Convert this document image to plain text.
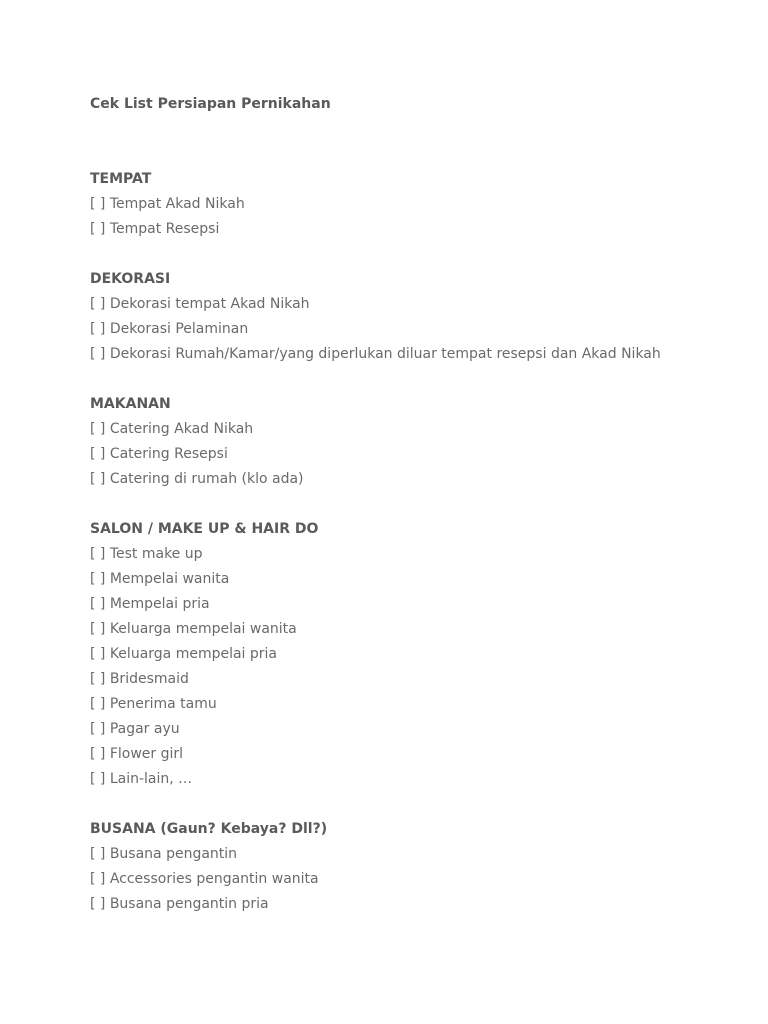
Cek List Persiapan Pernikahan
TEMPAT
[ ] Tempat Akad Nikah
[ ] Tempat Resepsi
DEKORASI
[ ] Dekorasi tempat Akad Nikah
[ ] Dekorasi Pelaminan
[ ] Dekorasi Rumah/Kamar/yang diperlukan diluar tempat resepsi dan Akad Nikah
MAKANAN
[ ] Catering Akad Nikah
[ ] Catering Resepsi
[ ] Catering di rumah (klo ada)
SALON / MAKE UP & HAIR DO
[ ] Test make up
[ ] Mempelai wanita
[ ] Mempelai pria
[ ] Keluarga mempelai wanita
[ ] Keluarga mempelai pria
[ ] Bridesmaid
[ ] Penerima tamu
[ ] Pagar ayu
[ ] Flower girl
[ ] Lain-lain, …
BUSANA (Gaun? Kebaya? Dll?)
[ ] Busana pengantin
[ ] Accessories pengantin wanita
[ ] Busana pengantin pria
